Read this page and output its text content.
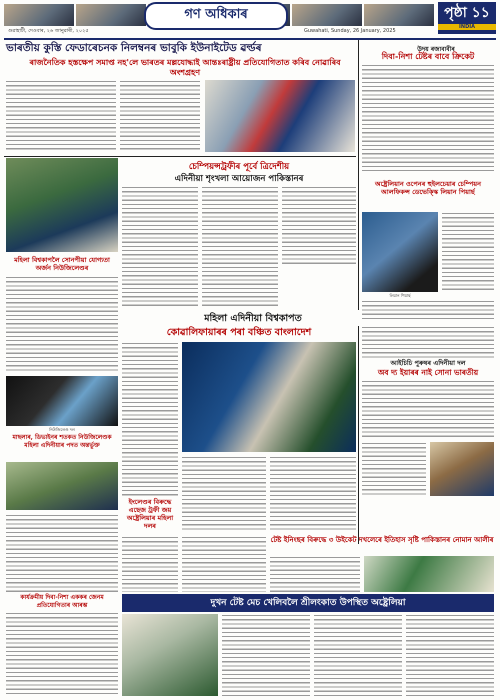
গণ অধিকাৰ
গুৱাহাটী, দেওবাৰ, ২৬ জানুৱাৰী, ২০২৫	Guwahati, Sunday, 26 January, 2025
পৃষ্ঠা ১১
INDIA
ভাৰতীয় কুস্তি ফেডাৰেচনক নিলম্বনৰ ভাবুকি ইউনাইটেড ৱৰ্ল্ডৰ
ৰাজনৈতিক হস্তক্ষেপ সমাপ্ত নহ'লে ভাৰতৰ মল্লযোদ্ধাই আন্তঃৰাষ্ট্ৰীয় প্ৰতিযোগিতাত কৰিব নোৱাৰিব অংশগ্ৰহণ
উদয় ৰজাবাবীৰ
দিবা-নিশা টেষ্টৰ বাবে ক্ৰিকেট
চেম্পিয়ন্সট্ৰফীৰ পূৰ্বে ত্ৰিদেশীয়
এদিনীয়া শৃংখলা আয়োজন পাকিস্তানৰ	অষ্ট্ৰেলিয়ান ওপেনৰ হুইলচেয়াৰ চেম্পিয়ন আলফিকন্স ডেভেক্স্কি লিয়ান পিয়াৰ্ছ
লিয়ান পিয়াৰ্ছ
মহিলা বিশ্বকাপলৈ সোনপীয়া যোগ্যতা অৰ্জন নিউজিলেণ্ডৰ
মহিলা এদিনীয়া বিশ্বকাপত
কোৱালিফায়াৰৰ পৰা বঞ্চিত বাংলাদেশ
আইচিচি পুৰুষৰ এদিনীয়া দল
অব দ্য ইয়াৰৰ নাই সোনা ভাৰতীয়
নিউজিলেণ্ড দল
মাছলাৰ, ডিভাইনৰ শতকত নিউজিলেণ্ডক মহিলা এদিনীয়াৰ পদত অন্তৰ্ভুক্ত
ইংলেণ্ডৰ বিৰুদ্ধে এছেজ ট্ৰফী জয় অষ্ট্ৰেলিয়াৰ মহিলা দলৰ
টেষ্ট ইনিংছৰ বিৰুদ্ধে ৩ উইকেট দখলেৰে ইতিহাস সৃষ্টি পাকিস্তানৰ নোমান আলীৰ
কাৰ্যক্ৰমীয় দিবা-নিশা এককৰ জেনম প্ৰতিযোগিতাৰ আৰম্ভ	দুখন টেষ্ট মেচ খেলিবলৈ শ্ৰীলংকাত উপস্থিত অষ্ট্ৰেলিয়া
